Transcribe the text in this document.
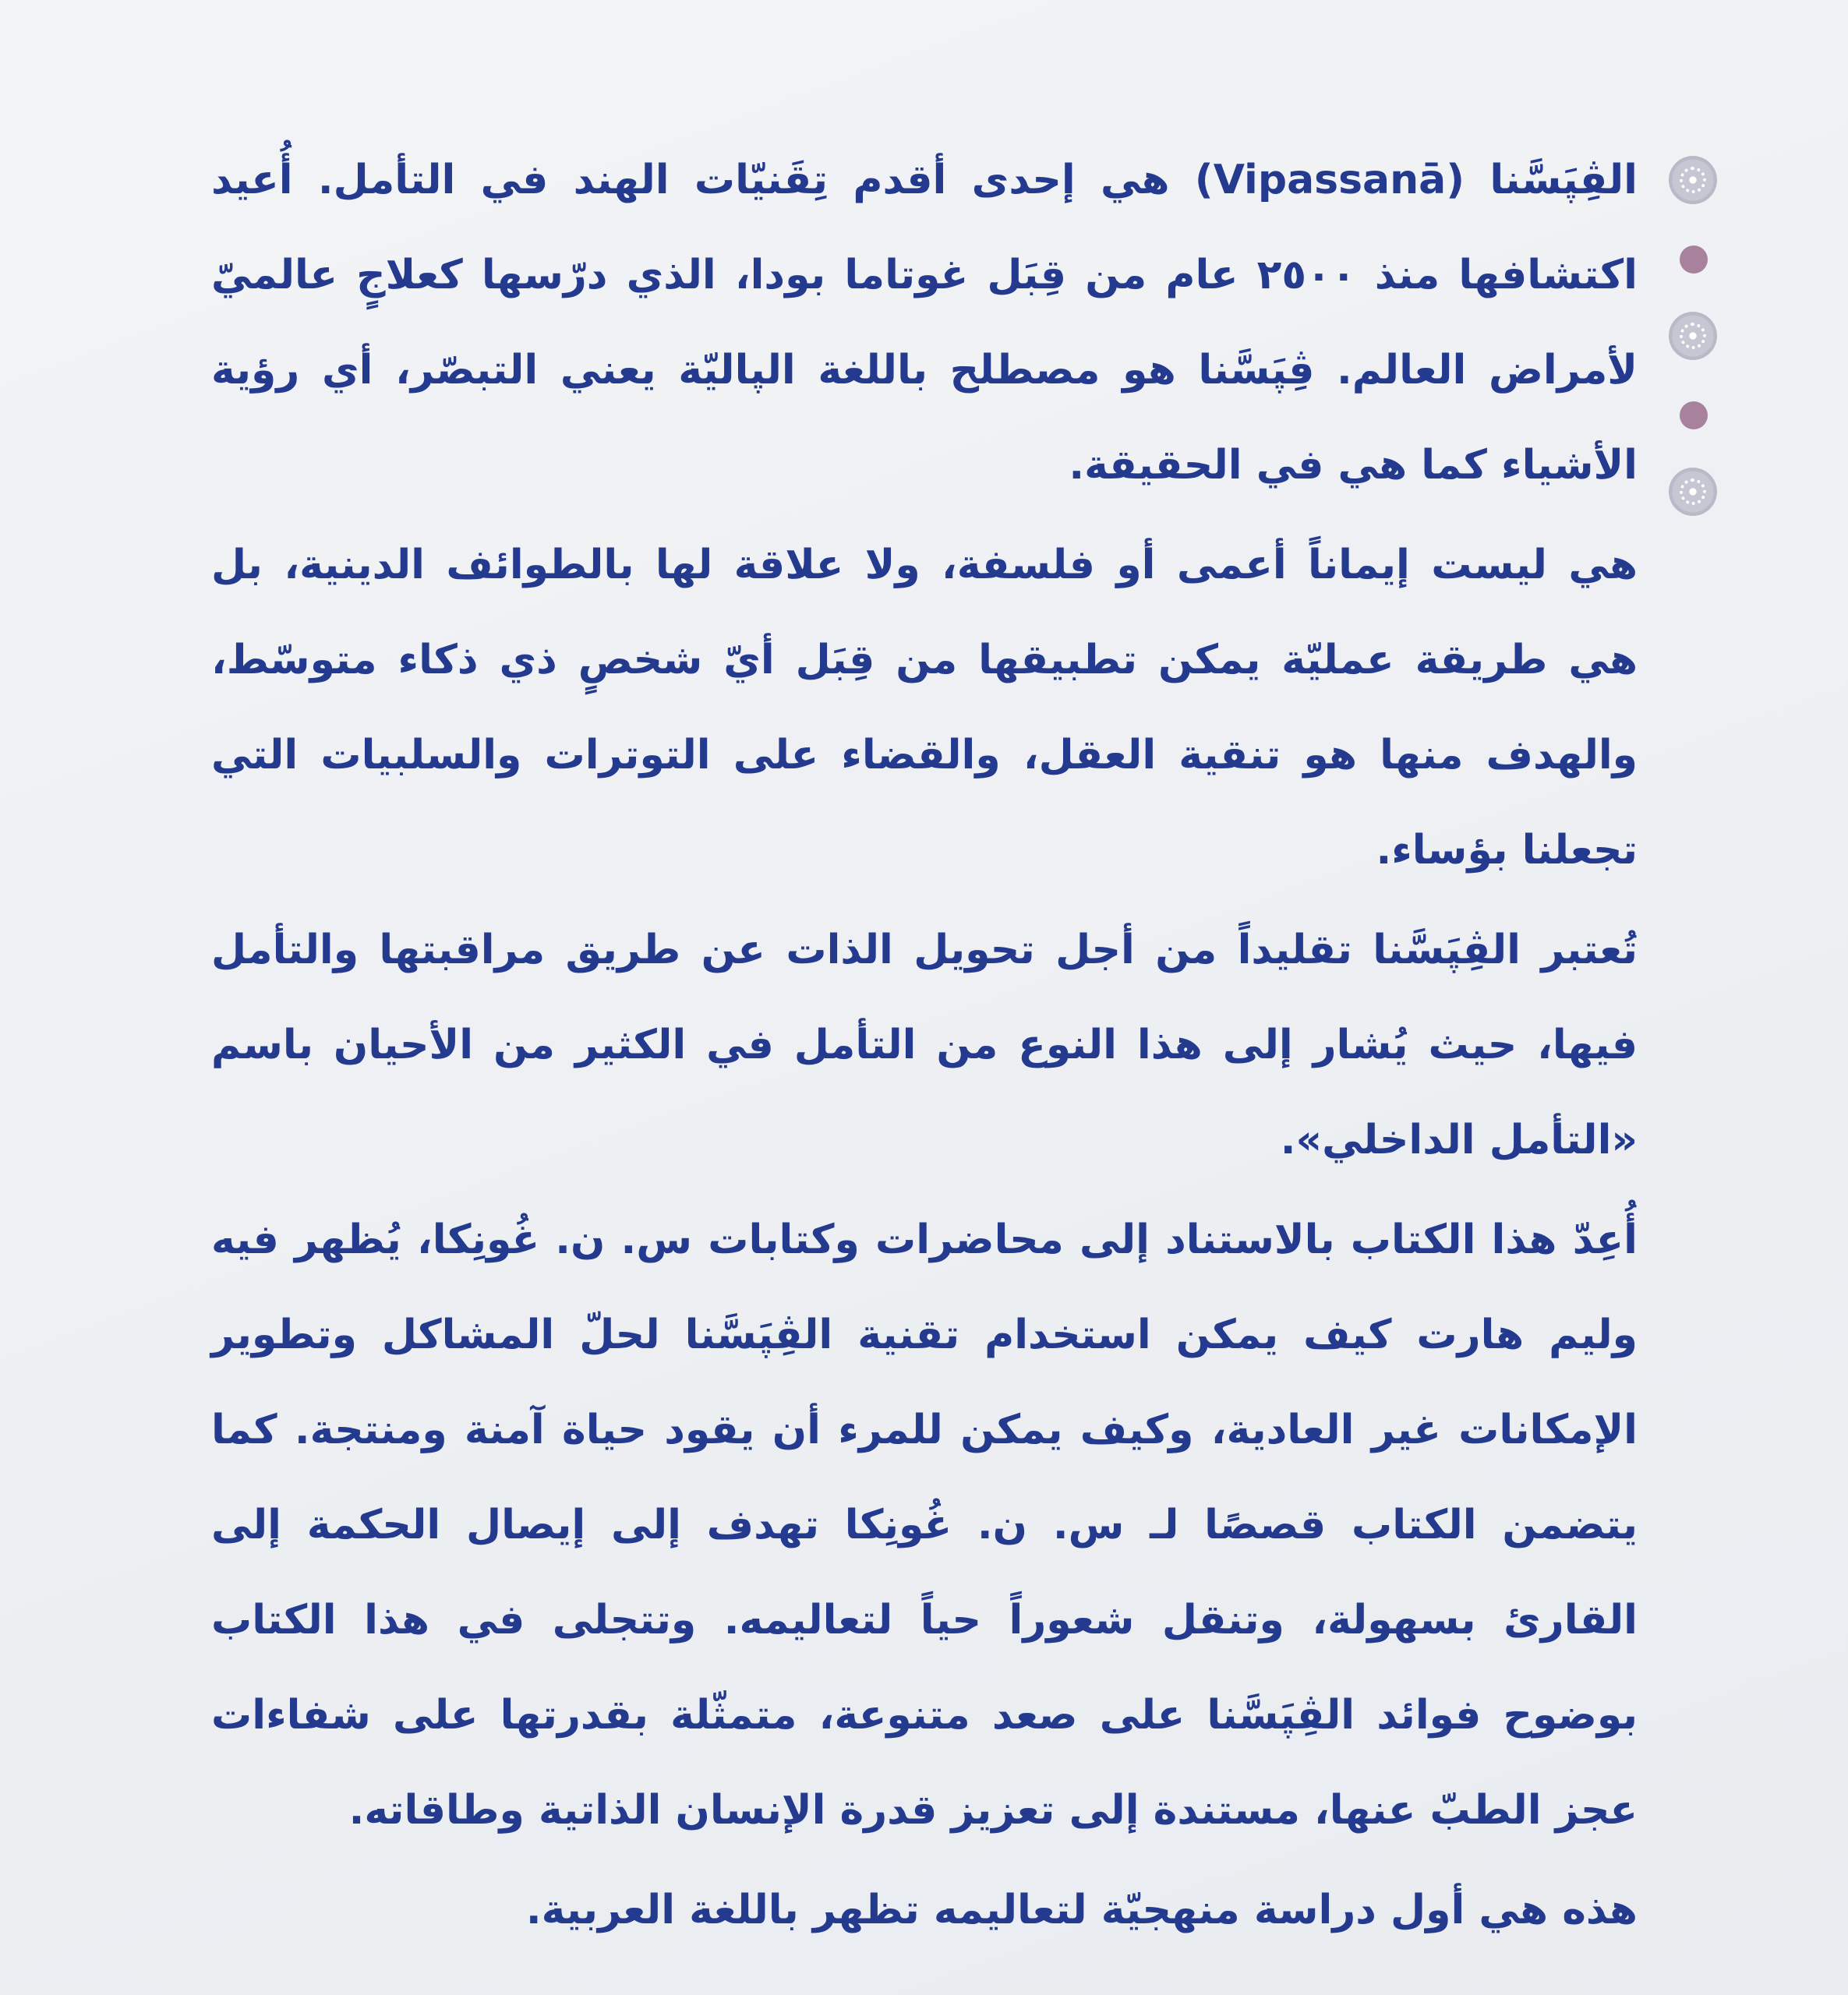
الڤِپَسَّنا (Vipassanā) هي إحدى أقدم تِقَنيّات الهند في التأمل. أُعيد اكتشافها منذ ٢٥٠٠ عام من قِبَل غوتاما بودا، الذي درّسها كعلاجٍ عالميّ لأمراض العالم. ڤِپَسَّنا هو مصطلح باللغة الپاليّة يعني التبصّر، أي رؤية الأشياء كما هي في الحقيقة.

هي ليست إيماناً أعمى أو فلسفة، ولا علاقة لها بالطوائف الدينية، بل هي طريقة عمليّة يمكن تطبيقها من قِبَل أيّ شخصٍ ذي ذكاء متوسّط، والهدف منها هو تنقية العقل، والقضاء على التوترات والسلبيات التي تجعلنا بؤساء.

تُعتبر الڤِپَسَّنا تقليداً من أجل تحويل الذات عن طريق مراقبتها والتأمل فيها، حيث يُشار إلى هذا النوع من التأمل في الكثير من الأحيان باسم «التأمل الداخلي».

أُعِدّ هذا الكتاب بالاستناد إلى محاضرات وكتابات س. ن. غُونِكا، يُظهر فيه وليم هارت كيف يمكن استخدام تقنية الڤِپَسَّنا لحلّ المشاكل وتطوير الإمكانات غير العادية، وكيف يمكن للمرء أن يقود حياة آمنة ومنتجة. كما يتضمن الكتاب قصصًا لـ س. ن. غُونِكا تهدف إلى إيصال الحكمة إلى القارئ بسهولة، وتنقل شعوراً حياً لتعاليمه. وتتجلى في هذا الكتاب بوضوح فوائد الڤِپَسَّنا على صعد متنوعة، متمثّلة بقدرتها على شفاءات عجز الطبّ عنها، مستندة إلى تعزيز قدرة الإنسان الذاتية وطاقاته.

هذه هي أول دراسة منهجيّة لتعاليمه تظهر باللغة العربية.
